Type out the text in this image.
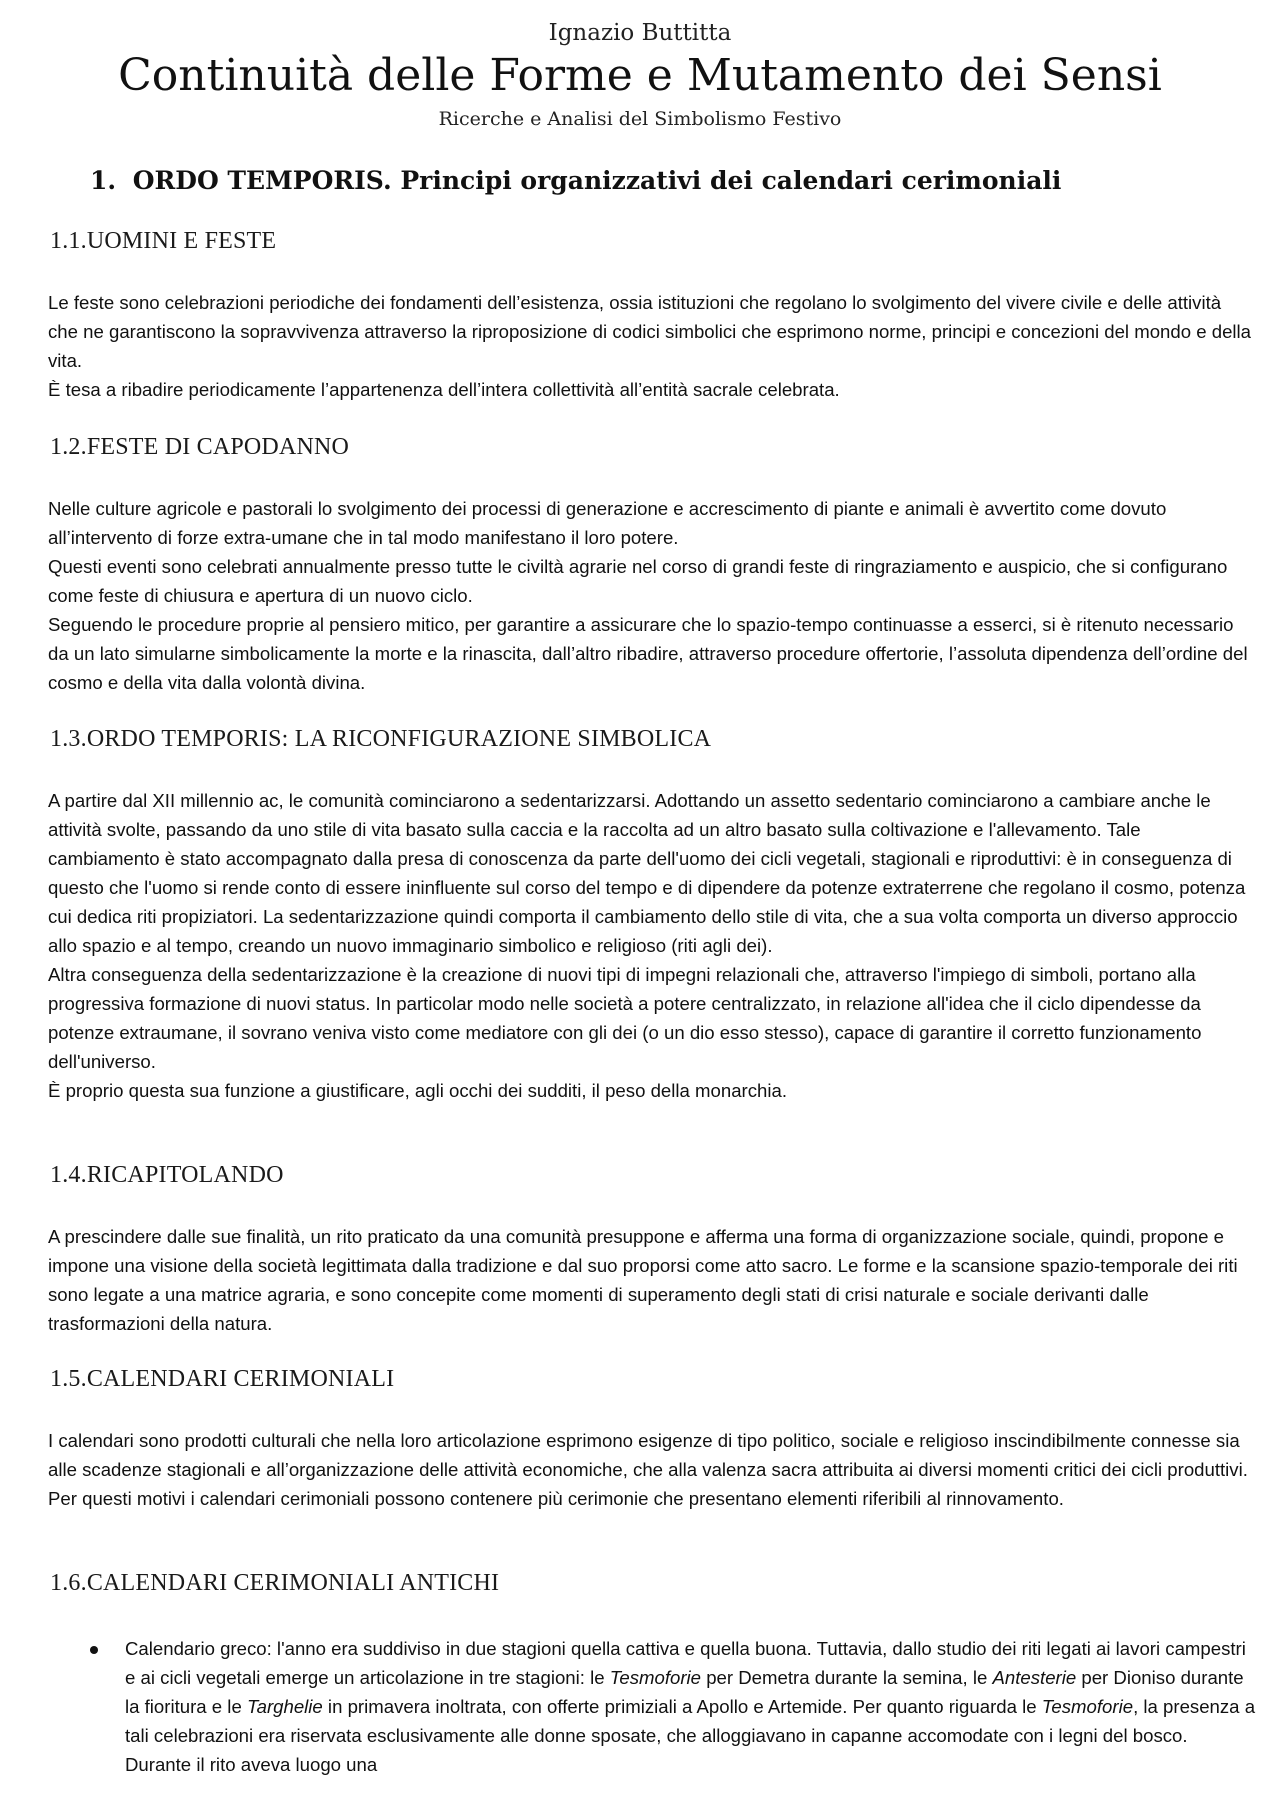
Ignazio Buttitta
Continuità delle Forme e Mutamento dei Sensi
Ricerche e Analisi del Simbolismo Festivo
1. ORDO TEMPORIS. Principi organizzativi dei calendari cerimoniali
1.1.UOMINI E FESTE

Le feste sono celebrazioni periodiche dei fondamenti dell’esistenza, ossia istituzioni che regolano lo svolgimento del vivere civile e delle attività che ne garantiscono la sopravvivenza attraverso la riproposizione di codici simbolici che esprimono norme, principi e concezioni del mondo e della vita.

È tesa a ribadire periodicamente l’appartenenza dell’intera collettività all’entità sacrale celebrata.

1.2.FESTE DI CAPODANNO

Nelle culture agricole e pastorali lo svolgimento dei processi di generazione e accrescimento di piante e animali è avvertito come dovuto all’intervento di forze extra-umane che in tal modo manifestano il loro potere.

Questi eventi sono celebrati annualmente presso tutte le civiltà agrarie nel corso di grandi feste di ringraziamento e auspicio, che si configurano come feste di chiusura e apertura di un nuovo ciclo.

Seguendo le procedure proprie al pensiero mitico, per garantire a assicurare che lo spazio-tempo continuasse a esserci, si è ritenuto necessario da un lato simularne simbolicamente la morte e la rinascita, dall’altro ribadire, attraverso procedure offertorie, l’assoluta dipendenza dell’ordine del cosmo e della vita dalla volontà divina.

1.3.ORDO TEMPORIS: LA RICONFIGURAZIONE SIMBOLICA

A partire dal XII millennio ac, le comunità cominciarono a sedentarizzarsi. Adottando un assetto sedentario cominciarono a cambiare anche le attività svolte, passando da uno stile di vita basato sulla caccia e la raccolta ad un altro basato sulla coltivazione e l'allevamento. Tale cambiamento è stato accompagnato dalla presa di conoscenza da parte dell'uomo dei cicli vegetali, stagionali e riproduttivi: è in conseguenza di questo che l'uomo si rende conto di essere ininfluente sul corso del tempo e di dipendere da potenze extraterrene che regolano il cosmo, potenza cui dedica riti propiziatori. La sedentarizzazione quindi comporta il cambiamento dello stile di vita, che a sua volta comporta un diverso approccio allo spazio e al tempo, creando un nuovo immaginario simbolico e religioso (riti agli dei).

Altra conseguenza della sedentarizzazione è la creazione di nuovi tipi di impegni relazionali che, attraverso l'impiego di simboli, portano alla progressiva formazione di nuovi status. In particolar modo nelle società a potere centralizzato, in relazione all'idea che il ciclo dipendesse da potenze extraumane, il sovrano veniva visto come mediatore con gli dei (o un dio esso stesso), capace di garantire il corretto funzionamento dell'universo.

È proprio questa sua funzione a giustificare, agli occhi dei sudditi, il peso della monarchia.

1.4.RICAPITOLANDO

A prescindere dalle sue finalità, un rito praticato da una comunità presuppone e afferma una forma di organizzazione sociale, quindi, propone e impone una visione della società legittimata dalla tradizione e dal suo proporsi come atto sacro. Le forme e la scansione spazio-temporale dei riti sono legate a una matrice agraria, e sono concepite come momenti di superamento degli stati di crisi naturale e sociale derivanti dalle trasformazioni della natura.

1.5.CALENDARI CERIMONIALI

I calendari sono prodotti culturali che nella loro articolazione esprimono esigenze di tipo politico, sociale e religioso inscindibilmente connesse sia alle scadenze stagionali e all’organizzazione delle attività economiche, che alla valenza sacra attribuita ai diversi momenti critici dei cicli produttivi. Per questi motivi i calendari cerimoniali possono contenere più cerimonie che presentano elementi riferibili al rinnovamento.

1.6.CALENDARI CERIMONIALI ANTICHI
Calendario greco: l'anno era suddiviso in due stagioni quella cattiva e quella buona. Tuttavia, dallo studio dei riti legati ai lavori campestri e ai cicli vegetali emerge un articolazione in tre stagioni: le Tesmoforie per Demetra durante la semina, le Antesterie per Dioniso durante la fioritura e le Targhelie in primavera inoltrata, con offerte primiziali a Apollo e Artemide. Per quanto riguarda le Tesmoforie, la presenza a tali celebrazioni era riservata esclusivamente alle donne sposate, che alloggiavano in capanne accomodate con i legni del bosco. Durante il rito aveva luogo una
